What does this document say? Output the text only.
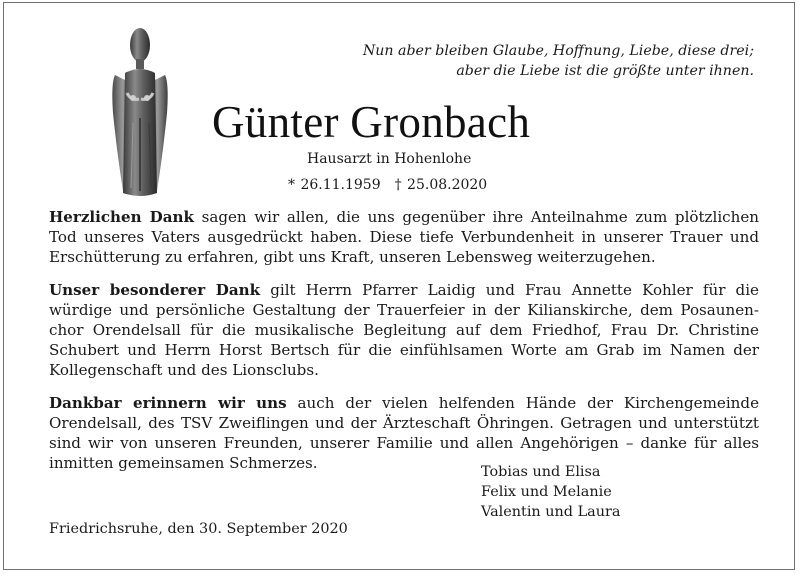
Nun aber bleiben Glaube, Hoffnung, Liebe, diese drei;
aber die Liebe ist die größte unter ihnen.
Günter Gronbach
Hausarzt in Hohenlohe
* 26.11.1959 † 25.08.2020

Herzlichen Dank sagen wir allen, die uns gegenüber ihre Anteilnahme zum plötzlichen Tod unseres Vaters ausgedrückt haben. Diese tiefe Verbundenheit in unserer Trauer und Erschütterung zu erfahren, gibt uns Kraft, unseren Lebensweg weiterzugehen.

Unser besonderer Dank gilt Herrn Pfarrer Laidig und Frau Annette Kohler für die würdige und persönliche Gestaltung der Trauerfeier in der Kilianskirche, dem Posaunenchor Orendelsall für die musikalische Begleitung auf dem Friedhof, Frau Dr. Christine Schubert und Herrn Horst Bertsch für die einfühlsamen Worte am Grab im Namen der Kollegenschaft und des Lionsclubs.

Dankbar erinnern wir uns auch der vielen helfenden Hände der Kirchengemeinde Orendelsall, des TSV Zweiflingen und der Ärzteschaft Öhringen. Getragen und unterstützt sind wir von unseren Freunden, unserer Familie und allen Angehörigen – danke für alles inmitten gemeinsamen Schmerzes.	Tobias und Elisa
Felix und Melanie
Valentin und Laura
Friedrichsruhe, den 30. September 2020
